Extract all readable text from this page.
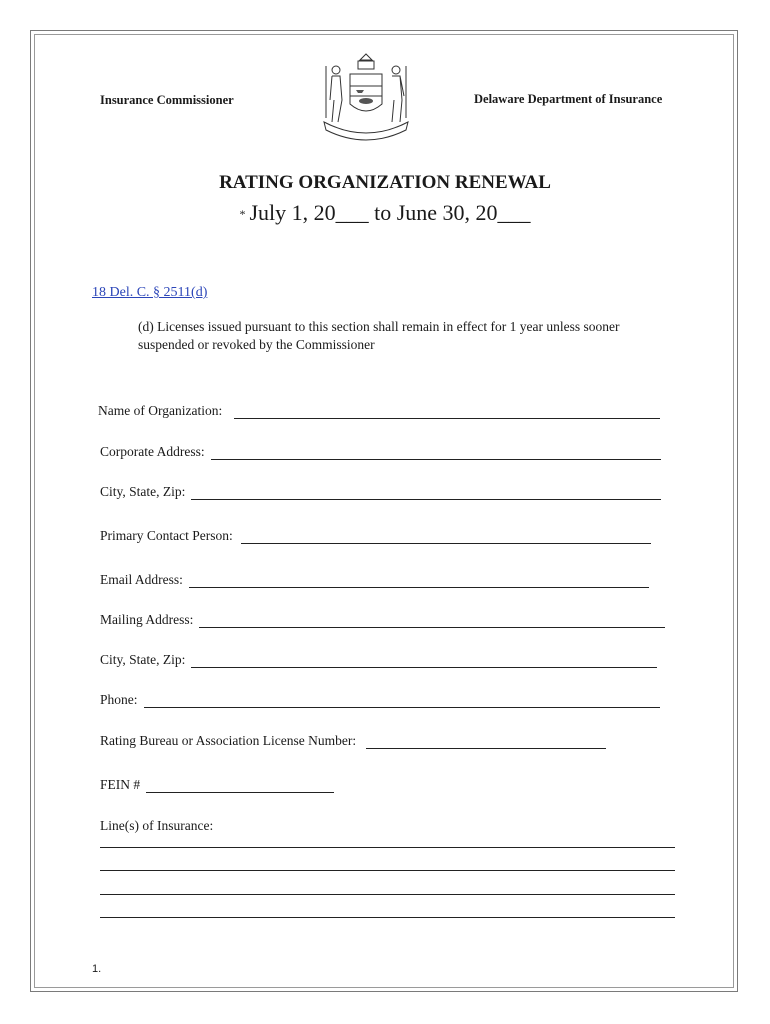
Insurance Commissioner	Delaware Department of Insurance
RATING ORGANIZATION RENEWAL
* July 1, 20___ to June 30, 20___
18 Del. C. § 2511(d)
(d) Licenses issued pursuant to this section shall remain in effect for 1 year unless sooner suspended or revoked by the Commissioner
Name of Organization:
Corporate Address:
City, State, Zip:
Primary Contact Person:
Email Address:
Mailing Address:
City, State, Zip:
Phone:
Rating Bureau or Association License Number:
FEIN #
Line(s) of Insurance:
1.
